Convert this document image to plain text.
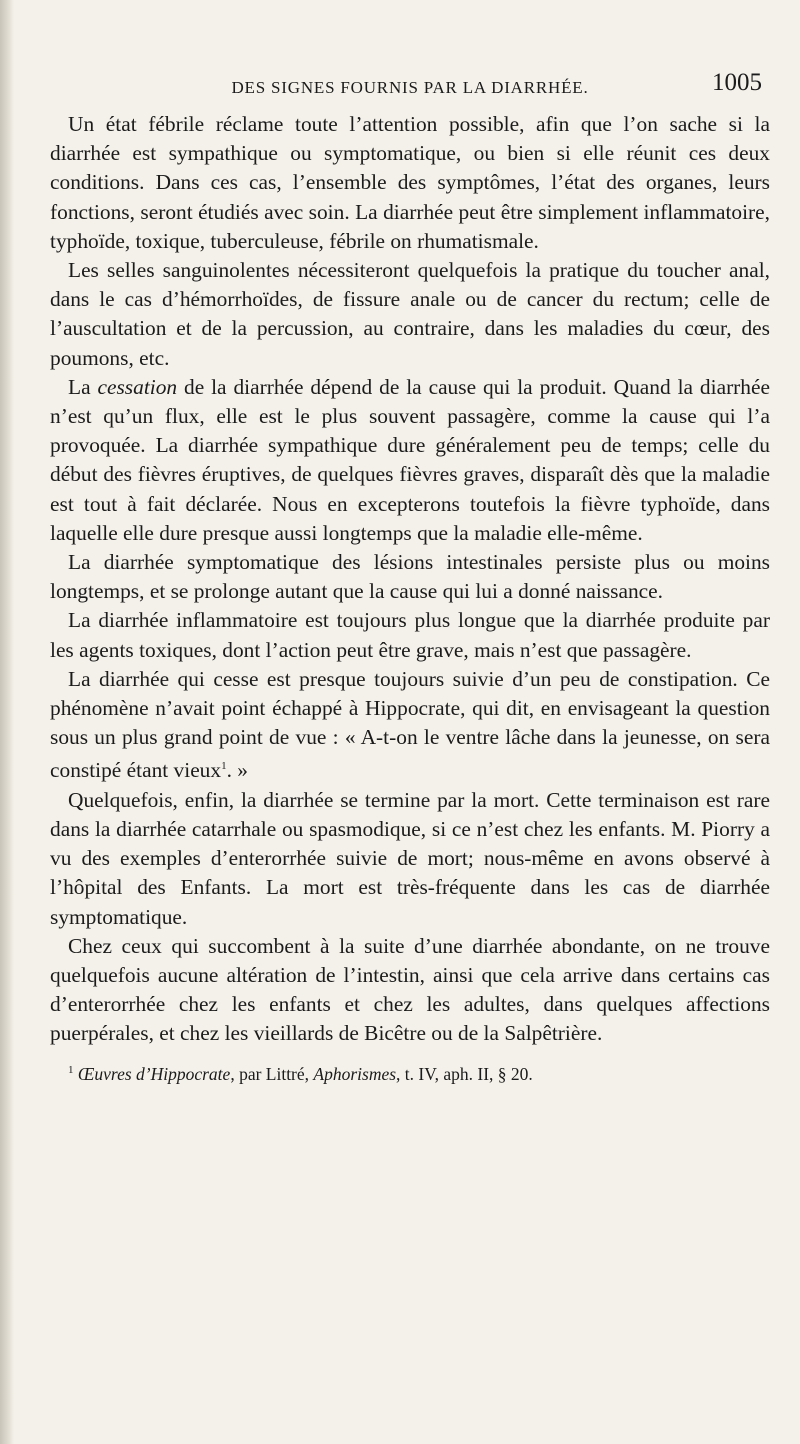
DES SIGNES FOURNIS PAR LA DIARRHÉE.	1005

Un état fébrile réclame toute l’attention possible, afin que l’on sache si la diarrhée est sympathique ou symptomatique, ou bien si elle réunit ces deux conditions. Dans ces cas, l’ensemble des symptômes, l’état des organes, leurs fonctions, seront étudiés avec soin. La diarrhée peut être simplement inflammatoire, typhoïde, toxique, tuberculeuse, fébrile on rhumatismale.

Les selles sanguinolentes nécessiteront quelquefois la pratique du toucher anal, dans le cas d’hémorrhoïdes, de fissure anale ou de cancer du rectum; celle de l’auscultation et de la percussion, au contraire, dans les maladies du cœur, des poumons, etc.

La cessation de la diarrhée dépend de la cause qui la produit. Quand la diarrhée n’est qu’un flux, elle est le plus souvent passagère, comme la cause qui l’a provoquée. La diarrhée sympathique dure généralement peu de temps; celle du début des fièvres éruptives, de quelques fièvres graves, disparaît dès que la maladie est tout à fait déclarée. Nous en excepterons toutefois la fièvre typhoïde, dans laquelle elle dure presque aussi longtemps que la maladie elle-même.

La diarrhée symptomatique des lésions intestinales persiste plus ou moins longtemps, et se prolonge autant que la cause qui lui a donné naissance.

La diarrhée inflammatoire est toujours plus longue que la diarrhée produite par les agents toxiques, dont l’action peut être grave, mais n’est que passagère.

La diarrhée qui cesse est presque toujours suivie d’un peu de constipation. Ce phénomène n’avait point échappé à Hippocrate, qui dit, en envisageant la question sous un plus grand point de vue : « A-t-on le ventre lâche dans la jeunesse, on sera constipé étant vieux$^1$. »

Quelquefois, enfin, la diarrhée se termine par la mort. Cette terminaison est rare dans la diarrhée catarrhale ou spasmodique, si ce n’est chez les enfants. M. Piorry a vu des exemples d’enterorrhée suivie de mort; nous-même en avons observé à l’hôpital des Enfants. La mort est très-fréquente dans les cas de diarrhée symptomatique.

Chez ceux qui succombent à la suite d’une diarrhée abondante, on ne trouve quelquefois aucune altération de l’intestin, ainsi que cela arrive dans certains cas d’enterorrhée chez les enfants et chez les adultes, dans quelques affections puerpérales, et chez les vieillards de Bicêtre ou de la Salpêtrière.

$^1$ Œuvres d’Hippocrate, par Littré, Aphorismes, t. IV, aph. II, § 20.
